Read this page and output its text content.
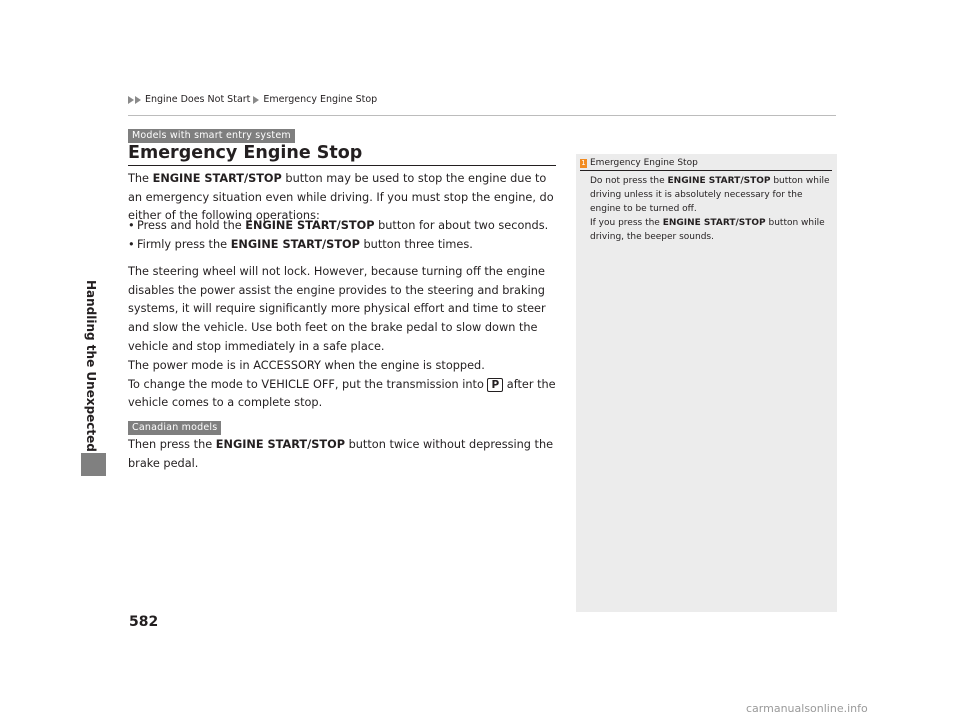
Engine Does Not Start Emergency Engine Stop
Handling the Unexpected
Models with smart entry system
Emergency Engine Stop
The ENGINE START/STOP button may be used to stop the engine due to an emergency situation even while driving. If you must stop the engine, do either of the following operations:
• Press and hold the ENGINE START/STOP button for about two seconds.
• Firmly press the ENGINE START/STOP button three times.
The steering wheel will not lock. However, because turning off the engine disables the power assist the engine provides to the steering and braking systems, it will require significantly more physical effort and time to steer and slow the vehicle. Use both feet on the brake pedal to slow down the vehicle and stop immediately in a safe place.
The power mode is in ACCESSORY when the engine is stopped.
To change the mode to VEHICLE OFF, put the transmission into P after the vehicle comes to a complete stop.
Canadian models
Then press the ENGINE START/STOP button twice without depressing the brake pedal.
1 Emergency Engine Stop
Do not press the ENGINE START/STOP button while driving unless it is absolutely necessary for the engine to be turned off.
If you press the ENGINE START/STOP button while driving, the beeper sounds.
582
carmanualsonline.info
